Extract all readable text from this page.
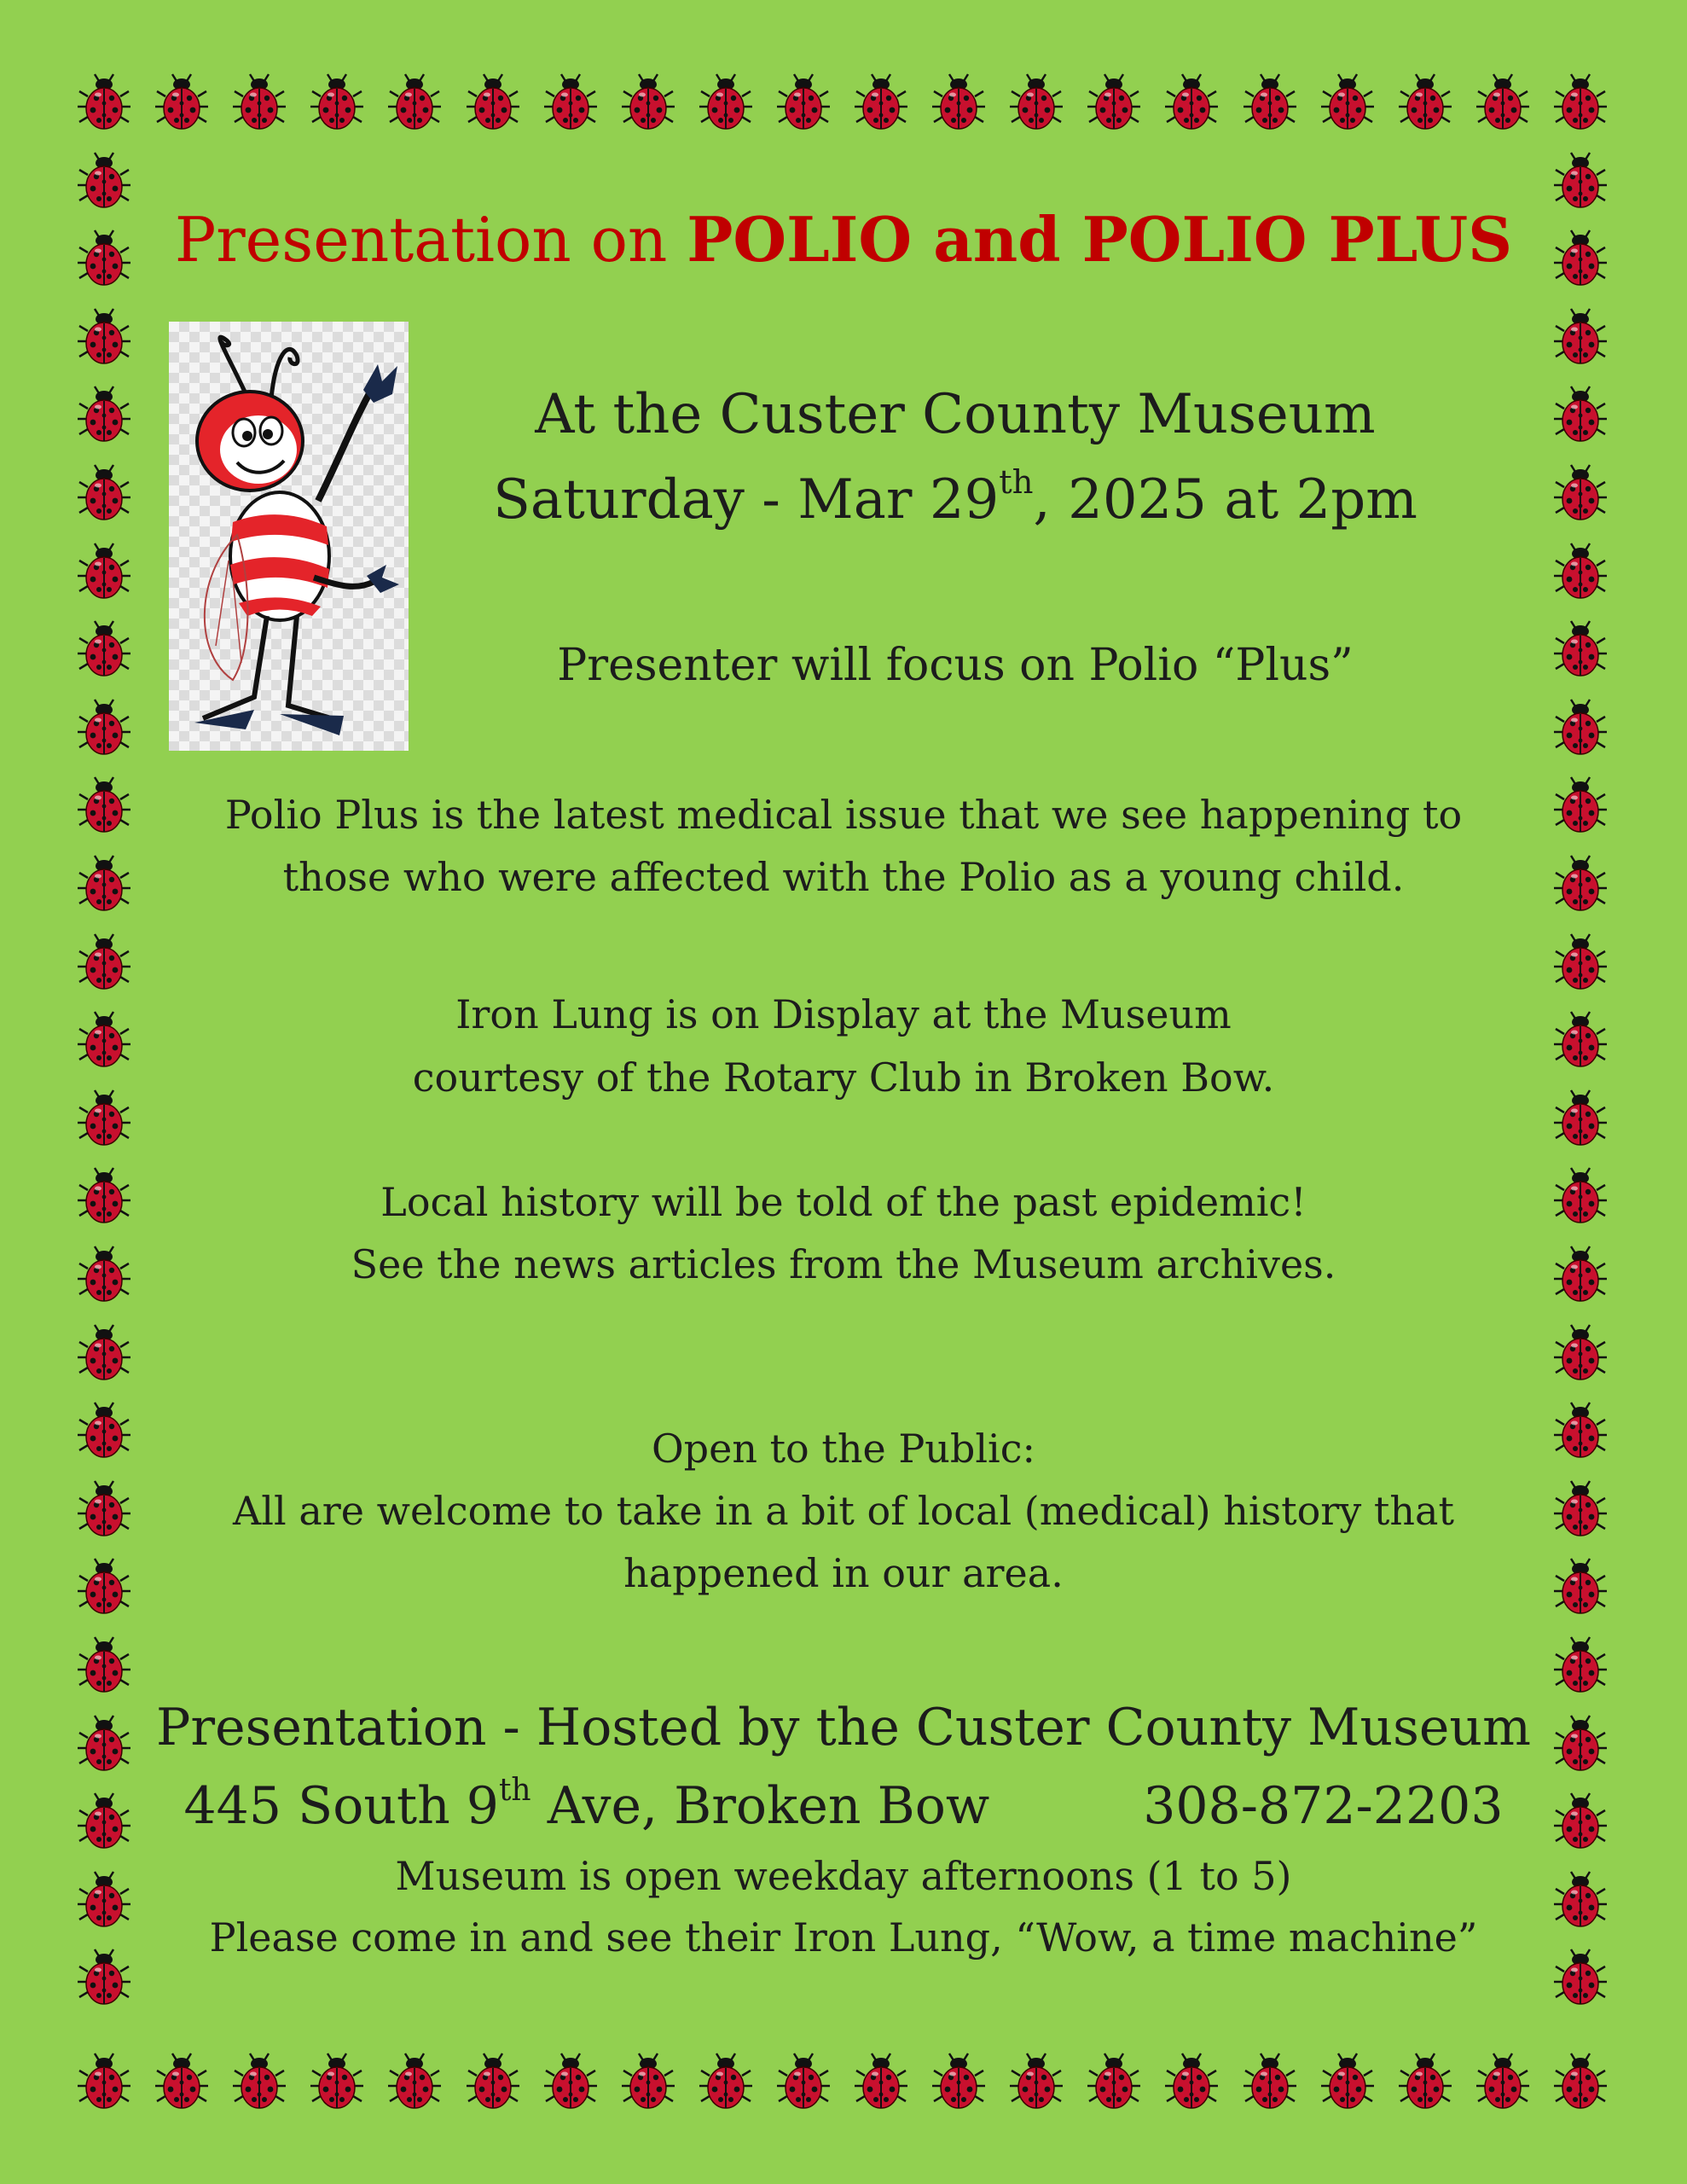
Presentation on POLIO and POLIO PLUS
At the Custer County Museum
Saturday - Mar 29th, 2025 at 2pm
Presenter will focus on Polio “Plus”
Polio Plus is the latest medical issue that we see happening to
those who were affected with the Polio as a young child.
Iron Lung is on Display at the Museum
courtesy of the Rotary Club in Broken Bow.
Local history will be told of the past epidemic!
See the news articles from the Museum archives.
Open to the Public:
All are welcome to take in a bit of local (medical) history that
happened in our area.
Presentation - Hosted by the Custer County Museum
445 South 9th Ave, Broken Bow	308-872-2203
Museum is open weekday afternoons (1 to 5)
Please come in and see their Iron Lung, “Wow, a time machine”
